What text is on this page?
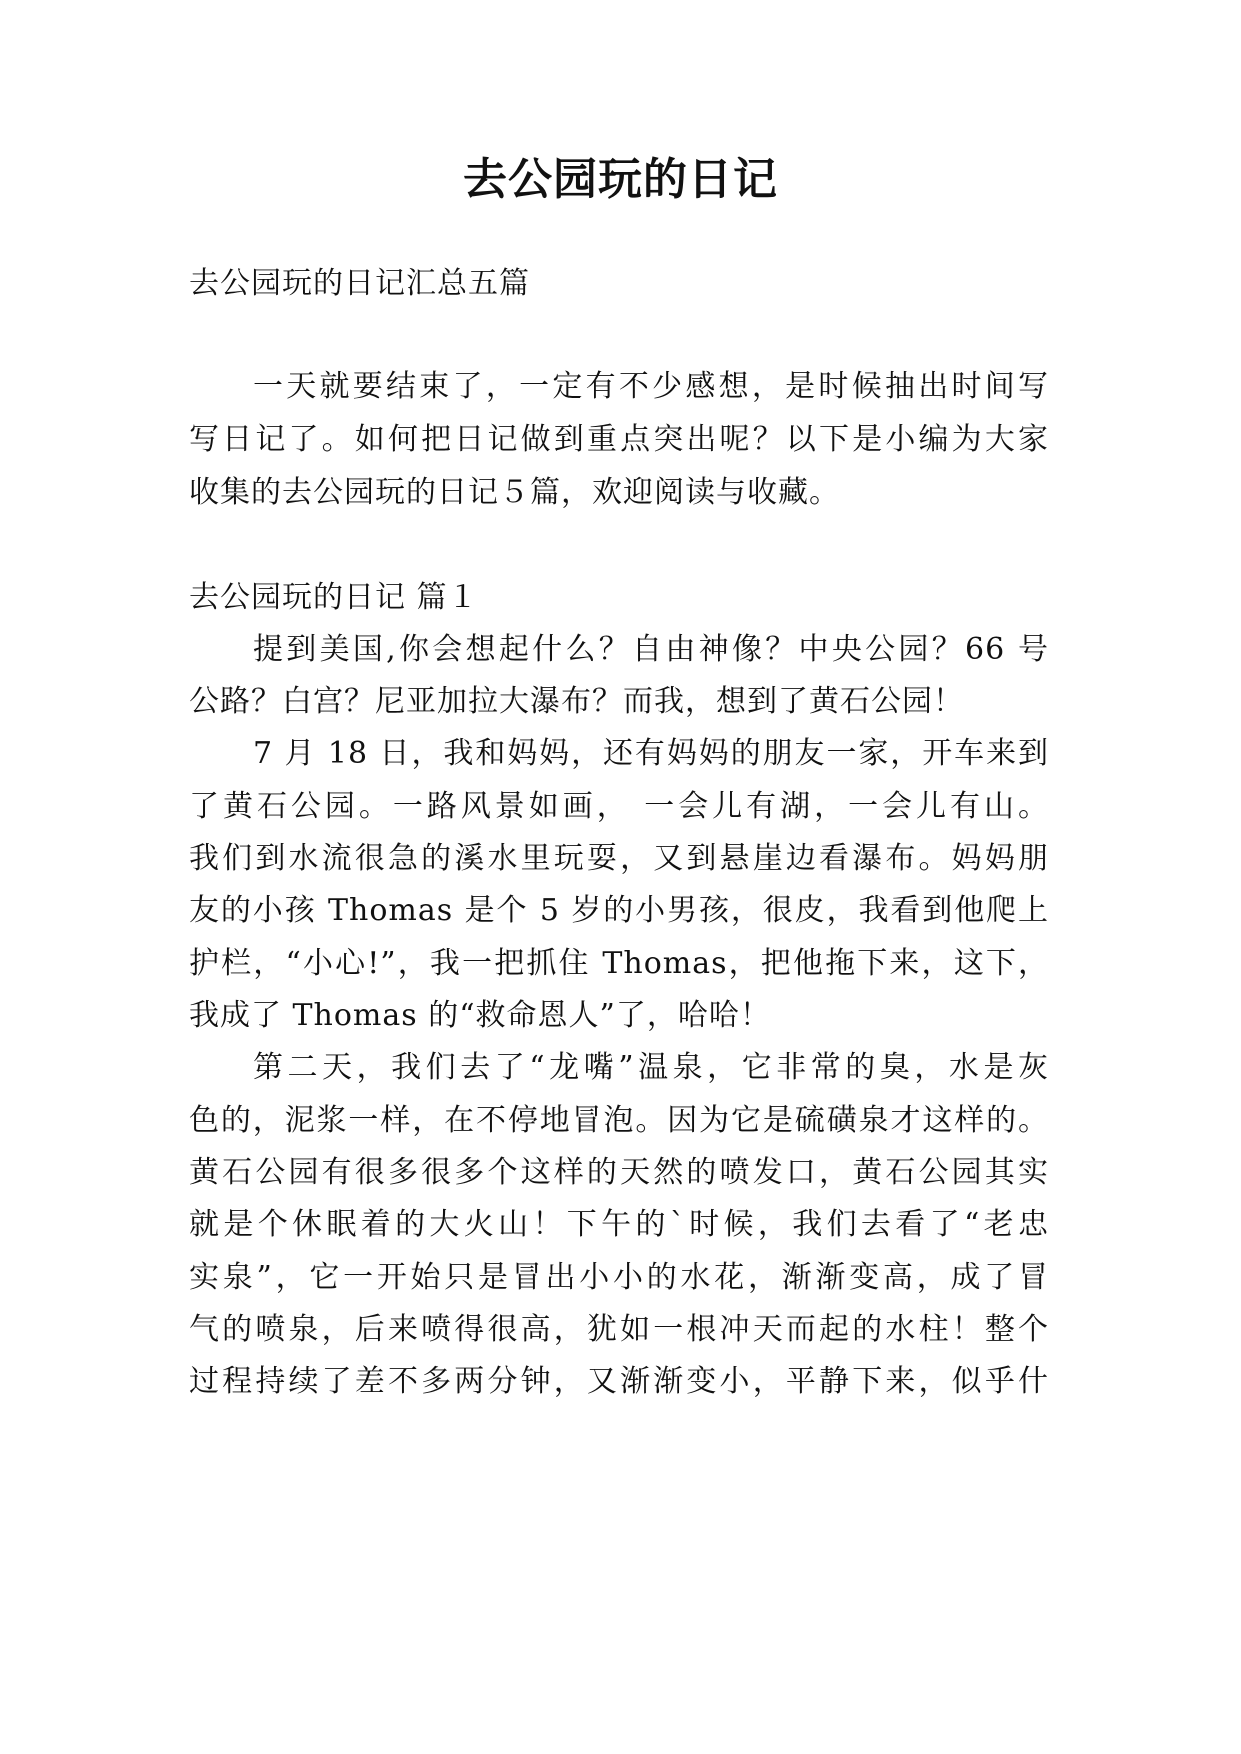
去公园玩的日记
去公园玩的日记汇总五篇
一天就要结束了，一定有不少感想，是时候抽出时间写
写日记了。如何把日记做到重点突出呢？以下是小编为大家
收集的去公园玩的日记５篇，欢迎阅读与收藏。
去公园玩的日记 篇１
提到美国,你会想起什么？自由神像？中央公园？66 号
公路？白宫？尼亚加拉大瀑布？而我，想到了黄石公园！
7 月 18 日，我和妈妈，还有妈妈的朋友一家，开车来到
了黄石公园。一路风景如画， 一会儿有湖，一会儿有山。
我们到水流很急的溪水里玩耍，又到悬崖边看瀑布。妈妈朋
友的小孩 Thomas 是个 5 岁的小男孩，很皮，我看到他爬上
护栏，“小心!”，我一把抓住 Thomas，把他拖下来，这下，
我成了 Thomas 的“救命恩人”了，哈哈！
第二天，我们去了“龙嘴”温泉，它非常的臭，水是灰
色的，泥浆一样，在不停地冒泡。因为它是硫磺泉才这样的。
黄石公园有很多很多个这样的天然的喷发口，黄石公园其实
就是个休眠着的大火山！下午的`时候，我们去看了“老忠
实泉”，它一开始只是冒出小小的水花，渐渐变高，成了冒
气的喷泉，后来喷得很高，犹如一根冲天而起的水柱！整个
过程持续了差不多两分钟，又渐渐变小，平静下来，似乎什
